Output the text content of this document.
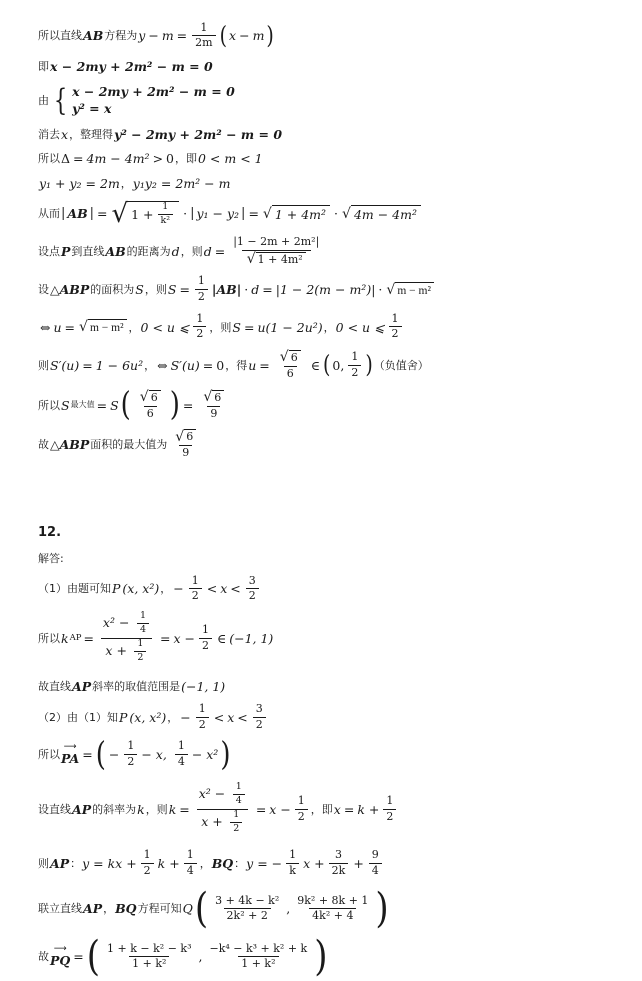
所以直线 AB 方程为 $y - m = \frac{1}{2m}$ ( x − m )
即 x − 2my + 2m² − m = 0
由 { x − 2my + 2m² − m = 0
y² = x
消去 x ，整理得 y² − 2my + 2m² − m = 0
所以 Δ = 4m − 4m² > 0 ，即 0 < m < 1
y₁ + y₂ = 2m ， y₁y₂ = 2m² − m
从而 | AB | = √ $1 + \frac{1}{\text{k²}}$ · | y₁ − y₂ | = √ 1 + 4m² · √ 4m − 4m²
设点 P 到直线 AB 的距离为 d ，则 $d = \frac{\text{|1 − 2m + 2m²|}}{\text{√ 1 + 4m²}}$
设 △ABP 的面积为 S ，则 $S = \frac{1}{2} |AB| \cdot d = |1 - 2(m - m^2)|$ · √ m − m²
⇔ u = √ m − m² ， 0 < u ⩽ $\frac{1}{2}$ ，则 S = u(1 − 2u²) ， 0 < u ⩽ $\frac{1}{2}$
则 S′(u) = 1 − 6u² ， ⇔ S′(u) = 0 ，得 $u = \frac{√ 6}{6}$ ∈ ( 0, $\frac{1}{2}$ ) （负值舍）
所以 S 最大值 = S ( $\frac{√ 6}{6}$ ) = $\frac{√ 6}{9}$
故 △ABP 面积的最大值为 $\frac{√ 6}{9}$
12.
解答:
（1） 由题可知 P (x, x²) ， − $\frac{1}{2} < x < \frac{3}{2}$
所以 k AP = $\frac{x^2 - \frac{1}{4}}{x + \frac{1}{2}} = x - \frac{1}{2}$ ∈ (−1, 1)
故直线 AP 斜率的取值范围是 (−1, 1)
（2） 由（1）知 P (x, x²) ， − $\frac{1}{2} < x < \frac{3}{2}$
所以
⟶
PA = ( − $\frac{1}{2} - x$, $\frac{1}{4} - x^2$ )
设直线 AP 的斜率为 k ，则 $k = \frac{x^2 - \frac{1}{4}}{x + \frac{1}{2}} = x - \frac{1}{2}$ ，即 $x = k + \frac{1}{2}$
则 AP ： y = kx + $\frac{1}{2}$ $k + \frac{1}{4}$ ， BQ ： y = − $\frac{1}{k}$ $x + \frac{3}{2k} + \frac{9}{4}$
联立直线 AP ， BQ 方程可知 Q ( $\frac{\text{3 + 4k − k²}}{\text{2k² + 2}}$ , $\frac{\text{9k² + 8k + 1}}{\text{4k² + 4}}$ )
故
⟶
PQ = ( $\frac{\text{1 + k − k² − k³}}{\text{1 + k²}}$ , $\frac{\text{−k⁴ − k³ + k² + k}}{\text{1 + k²}}$ )
